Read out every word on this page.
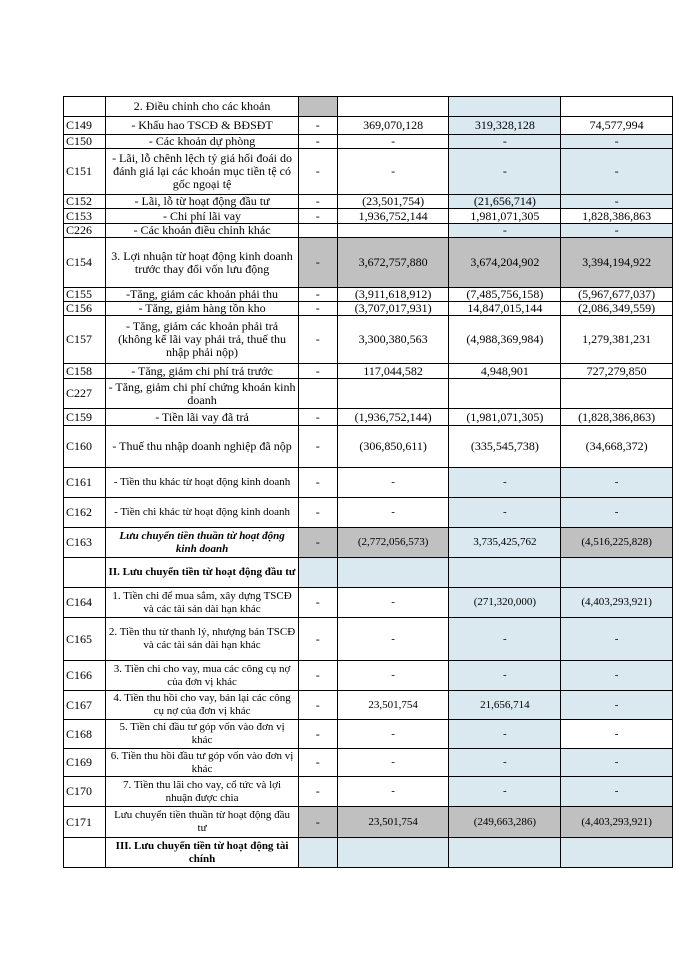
	2. Điều chỉnh cho các khoản				
C149	- Khấu hao TSCĐ & BĐSĐT	-	369,070,128	319,328,128	74,577,994
C150	- Các khoản dự phòng	-	-	-	-
C151	- Lãi, lỗ chênh lệch tỷ giá hối đoái do đánh giá lại các khoản mục tiền tệ có gốc ngoại tệ	-	-	-	-
C152	- Lãi, lỗ từ hoạt động đầu tư	-	(23,501,754)	(21,656,714)	-
C153	- Chi phí lãi vay	-	1,936,752,144	1,981,071,305	1,828,386,863
C226	- Các khoản điều chỉnh khác			-	-
C154	3. Lợi nhuận từ hoạt động kinh doanh trước thay đổi vốn lưu động	-	3,672,757,880	3,674,204,902	3,394,194,922
C155	-Tăng, giảm các khoản phải thu	-	(3,911,618,912)	(7,485,756,158)	(5,967,677,037)
C156	- Tăng, giảm hàng tồn kho	-	(3,707,017,931)	14,847,015,144	(2,086,349,559)
C157	- Tăng, giảm các khoản phải trả (không kể lãi vay phải trả, thuế thu nhập phải nộp)	-	3,300,380,563	(4,988,369,984)	1,279,381,231
C158	- Tăng, giảm chi phí trả trước	-	117,044,582	4,948,901	727,279,850
C227	- Tăng, giảm chi phí chứng khoán kinh doanh				
C159	- Tiền lãi vay đã trả	-	(1,936,752,144)	(1,981,071,305)	(1,828,386,863)
C160	- Thuế thu nhập doanh nghiệp đã nộp	-	(306,850,611)	(335,545,738)	(34,668,372)
C161	- Tiền thu khác từ hoạt động kinh doanh	-	-	-	-
C162	- Tiền chi khác từ hoạt động kinh doanh	-	-	-	-
C163	Lưu chuyển tiền thuần từ hoạt động kinh doanh	-	(2,772,056,573)	3,735,425,762	(4,516,225,828)
	II. Lưu chuyển tiền từ hoạt động đầu tư				
C164	1. Tiền chi để mua sắm, xây dựng TSCĐ và các tài sản dài hạn khác	-	-	(271,320,000)	(4,403,293,921)
C165	2. Tiền thu từ thanh lý, nhượng bán TSCĐ và các tài sản dài hạn khác	-	-	-	-
C166	3. Tiền chi cho vay, mua các công cụ nợ của đơn vị khác	-	-	-	-
C167	4. Tiền thu hồi cho vay, bán lại các công cụ nợ của đơn vị khác	-	23,501,754	21,656,714	-
C168	5. Tiền chi đầu tư góp vốn vào đơn vị khác	-	-	-	-
C169	6. Tiền thu hồi đầu tư góp vốn vào đơn vị khác	-	-	-	-
C170	7. Tiền thu lãi cho vay, cổ tức và lợi nhuận được chia	-	-	-	-
C171	Lưu chuyển tiền thuần từ hoạt động đầu tư	-	23,501,754	(249,663,286)	(4,403,293,921)
	III. Lưu chuyển tiền từ hoạt động tài chính				
